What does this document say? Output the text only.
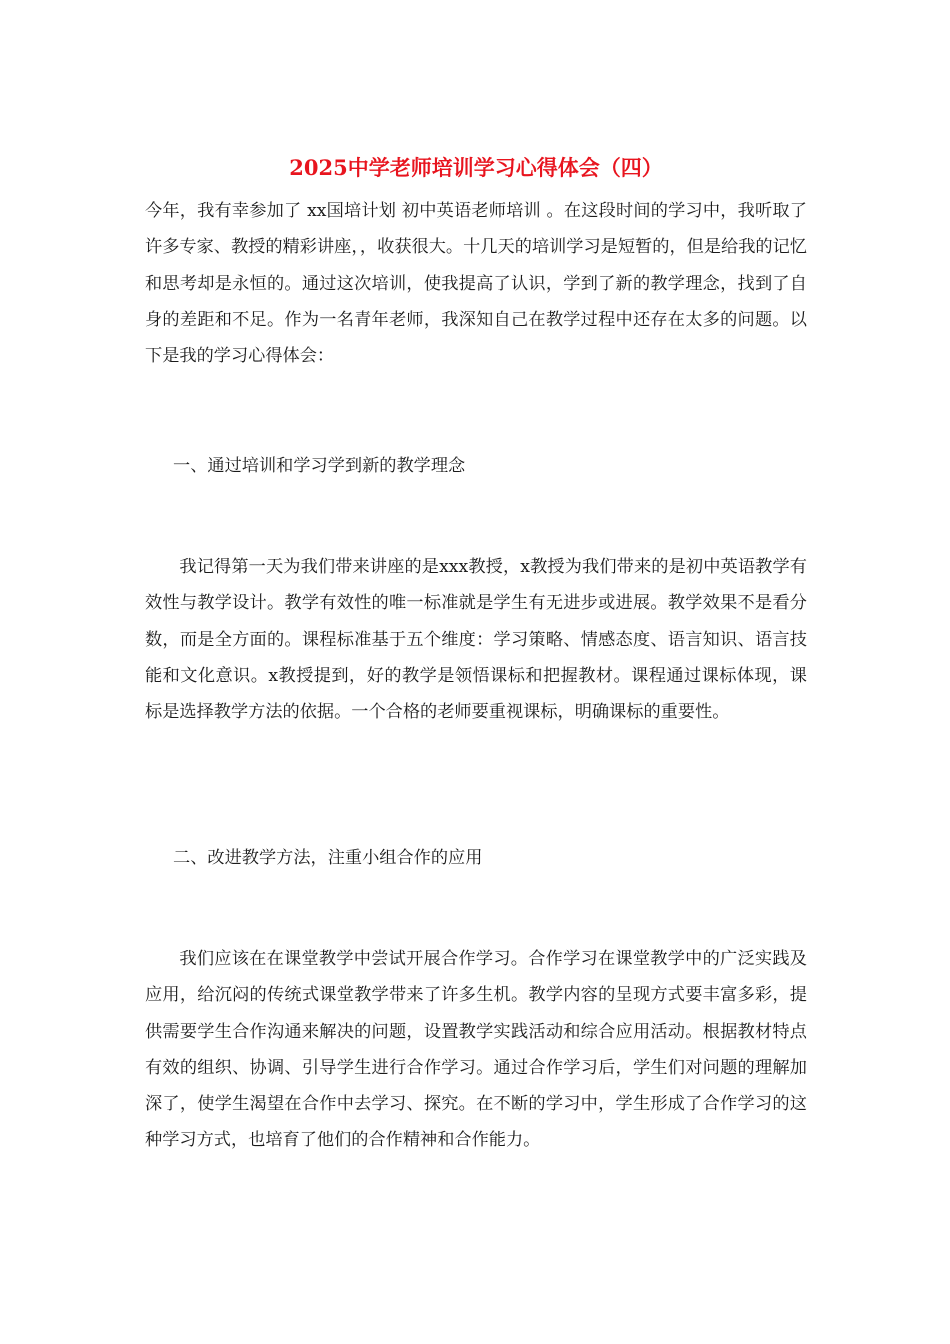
2025中学老师培训学习心得体会（四）

今年，我有幸参加了 xx国培计划 初中英语老师培训 。在这段时间的学习中，我听取了许多专家、教授的精彩讲座，，收获很大。十几天的培训学习是短暂的，但是给我的记忆和思考却是永恒的。通过这次培训，使我提高了认识，学到了新的教学理念，找到了自身的差距和不足。作为一名青年老师，我深知自己在教学过程中还存在太多的问题。以下是我的学习心得体会：

一、通过培训和学习学到新的教学理念

我记得第一天为我们带来讲座的是xxx教授，x教授为我们带来的是初中英语教学有效性与教学设计。教学有效性的唯一标准就是学生有无进步或进展。教学效果不是看分数，而是全方面的。课程标准基于五个维度：学习策略、情感态度、语言知识、语言技能和文化意识。x教授提到，好的教学是领悟课标和把握教材。课程通过课标体现，课标是选择教学方法的依据。一个合格的老师要重视课标，明确课标的重要性。

二、改进教学方法，注重小组合作的应用

我们应该在在课堂教学中尝试开展合作学习。合作学习在课堂教学中的广泛实践及应用，给沉闷的传统式课堂教学带来了许多生机。教学内容的呈现方式要丰富多彩，提供需要学生合作沟通来解决的问题，设置教学实践活动和综合应用活动。根据教材特点有效的组织、协调、引导学生进行合作学习。通过合作学习后，学生们对问题的理解加深了，使学生渴望在合作中去学习、探究。在不断的学习中，学生形成了合作学习的这种学习方式，也培育了他们的合作精神和合作能力。
